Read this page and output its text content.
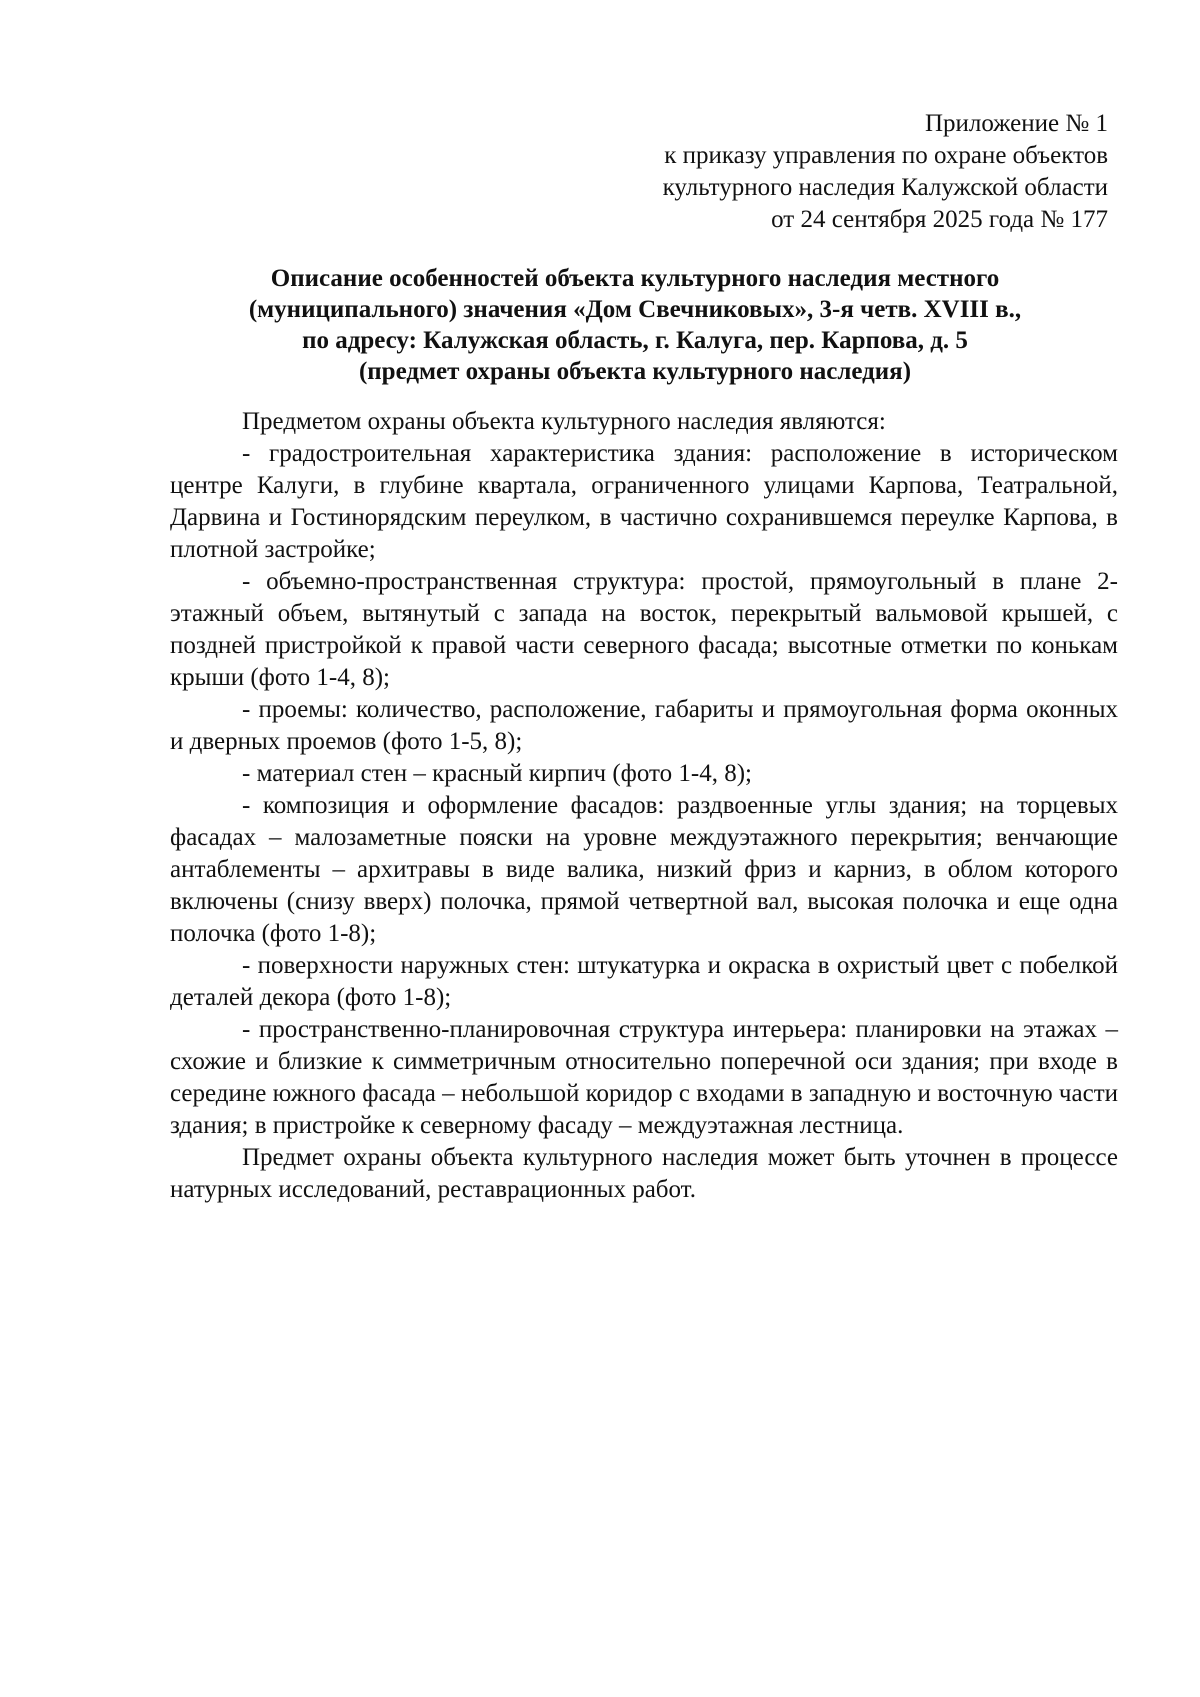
Приложение № 1
к приказу управления по охране объектов
культурного наследия Калужской области
от 24 сентября 2025 года № 177
Описание особенностей объекта культурного наследия местного
(муниципального) значения «Дом Свечниковых», 3-я четв. XVIII в.,
по адресу: Калужская область, г. Калуга, пер. Карпова, д. 5
(предмет охраны объекта культурного наследия)

Предметом охраны объекта культурного наследия являются:

- градостроительная характеристика здания: расположение в историческом центре Калуги, в глубине квартала, ограниченного улицами Карпова, Театральной, Дарвина и Гостинорядским переулком, в частично сохранившемся переулке Карпова, в плотной застройке;

- объемно-пространственная структура: простой, прямоугольный в плане 2-этажный объем, вытянутый с запада на восток, перекрытый вальмовой крышей, с поздней пристройкой к правой части северного фасада; высотные отметки по конькам крыши (фото 1-4, 8);

- проемы: количество, расположение, габариты и прямоугольная форма оконных и дверных проемов (фото 1-5, 8);

- материал стен – красный кирпич (фото 1-4, 8);

- композиция и оформление фасадов: раздвоенные углы здания; на торцевых фасадах – малозаметные пояски на уровне междуэтажного перекрытия; венчающие антаблементы – архитравы в виде валика, низкий фриз и карниз, в облом которого включены (снизу вверх) полочка, прямой четвертной вал, высокая полочка и еще одна полочка (фото 1-8);

- поверхности наружных стен: штукатурка и окраска в охристый цвет с побелкой деталей декора (фото 1-8);

- пространственно-планировочная структура интерьера: планировки на этажах – схожие и близкие к симметричным относительно поперечной оси здания; при входе в середине южного фасада – небольшой коридор с входами в западную и восточную части здания; в пристройке к северному фасаду – междуэтажная лестница.

Предмет охраны объекта культурного наследия может быть уточнен в процессе натурных исследований, реставрационных работ.
